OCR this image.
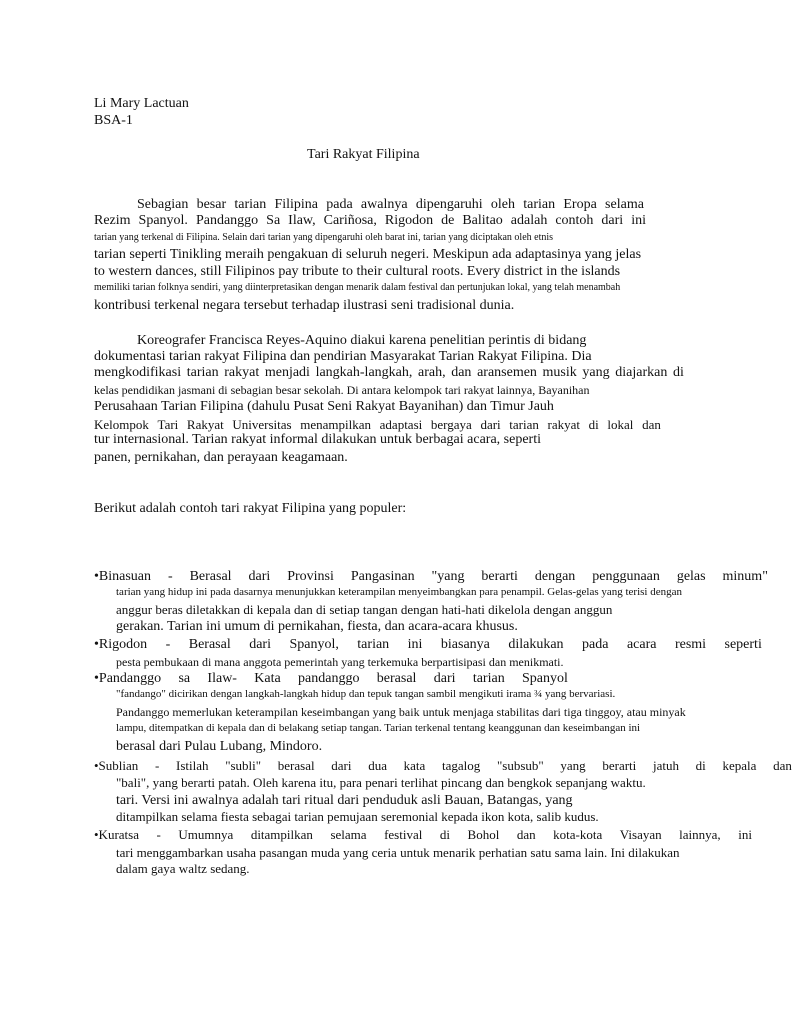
Li Mary Lactuan
BSA-1
Tari Rakyat Filipina
Sebagian besar tarian Filipina pada awalnya dipengaruhi oleh tarian Eropa selama
Rezim Spanyol. Pandanggo Sa Ilaw, Cariñosa, Rigodon de Balitao adalah contoh dari ini
tarian yang terkenal di Filipina. Selain dari tarian yang dipengaruhi oleh barat ini, tarian yang diciptakan oleh etnis
tarian seperti Tinikling meraih pengakuan di seluruh negeri. Meskipun ada adaptasinya yang jelas
to western dances, still Filipinos pay tribute to their cultural roots. Every district in the islands
memiliki tarian folknya sendiri, yang diinterpretasikan dengan menarik dalam festival dan pertunjukan lokal, yang telah menambah
kontribusi terkenal negara tersebut terhadap ilustrasi seni tradisional dunia.
Koreografer Francisca Reyes-Aquino diakui karena penelitian perintis di bidang
dokumentasi tarian rakyat Filipina dan pendirian Masyarakat Tarian Rakyat Filipina. Dia
mengkodifikasi tarian rakyat menjadi langkah-langkah, arah, dan aransemen musik yang diajarkan di
kelas pendidikan jasmani di sebagian besar sekolah. Di antara kelompok tari rakyat lainnya, Bayanihan
Perusahaan Tarian Filipina (dahulu Pusat Seni Rakyat Bayanihan) dan Timur Jauh
Kelompok Tari Rakyat Universitas menampilkan adaptasi bergaya dari tarian rakyat di lokal dan
tur internasional. Tarian rakyat informal dilakukan untuk berbagai acara, seperti
panen, pernikahan, dan perayaan keagamaan.
Berikut adalah contoh tari rakyat Filipina yang populer:
•Binasuan - Berasal dari Provinsi Pangasinan "yang berarti dengan penggunaan gelas minum"
tarian yang hidup ini pada dasarnya menunjukkan keterampilan menyeimbangkan para penampil. Gelas-gelas yang terisi dengan
anggur beras diletakkan di kepala dan di setiap tangan dengan hati-hati dikelola dengan anggun
gerakan. Tarian ini umum di pernikahan, fiesta, dan acara-acara khusus.
•Rigodon - Berasal dari Spanyol, tarian ini biasanya dilakukan pada acara resmi seperti
pesta pembukaan di mana anggota pemerintah yang terkemuka berpartisipasi dan menikmati.
•Pandanggo sa Ilaw- Kata pandanggo berasal dari tarian Spanyol
"fandango" dicirikan dengan langkah-langkah hidup dan tepuk tangan sambil mengikuti irama ¾ yang bervariasi.
Pandanggo memerlukan keterampilan keseimbangan yang baik untuk menjaga stabilitas dari tiga tinggoy, atau minyak
lampu, ditempatkan di kepala dan di belakang setiap tangan. Tarian terkenal tentang keanggunan dan keseimbangan ini
berasal dari Pulau Lubang, Mindoro.
•Sublian - Istilah "subli" berasal dari dua kata tagalog "subsub" yang berarti jatuh di kepala dan
"bali", yang berarti patah. Oleh karena itu, para penari terlihat pincang dan bengkok sepanjang waktu.
tari. Versi ini awalnya adalah tari ritual dari penduduk asli Bauan, Batangas, yang
ditampilkan selama fiesta sebagai tarian pemujaan seremonial kepada ikon kota, salib kudus.
•Kuratsa - Umumnya ditampilkan selama festival di Bohol dan kota-kota Visayan lainnya, ini
tari menggambarkan usaha pasangan muda yang ceria untuk menarik perhatian satu sama lain. Ini dilakukan
dalam gaya waltz sedang.
